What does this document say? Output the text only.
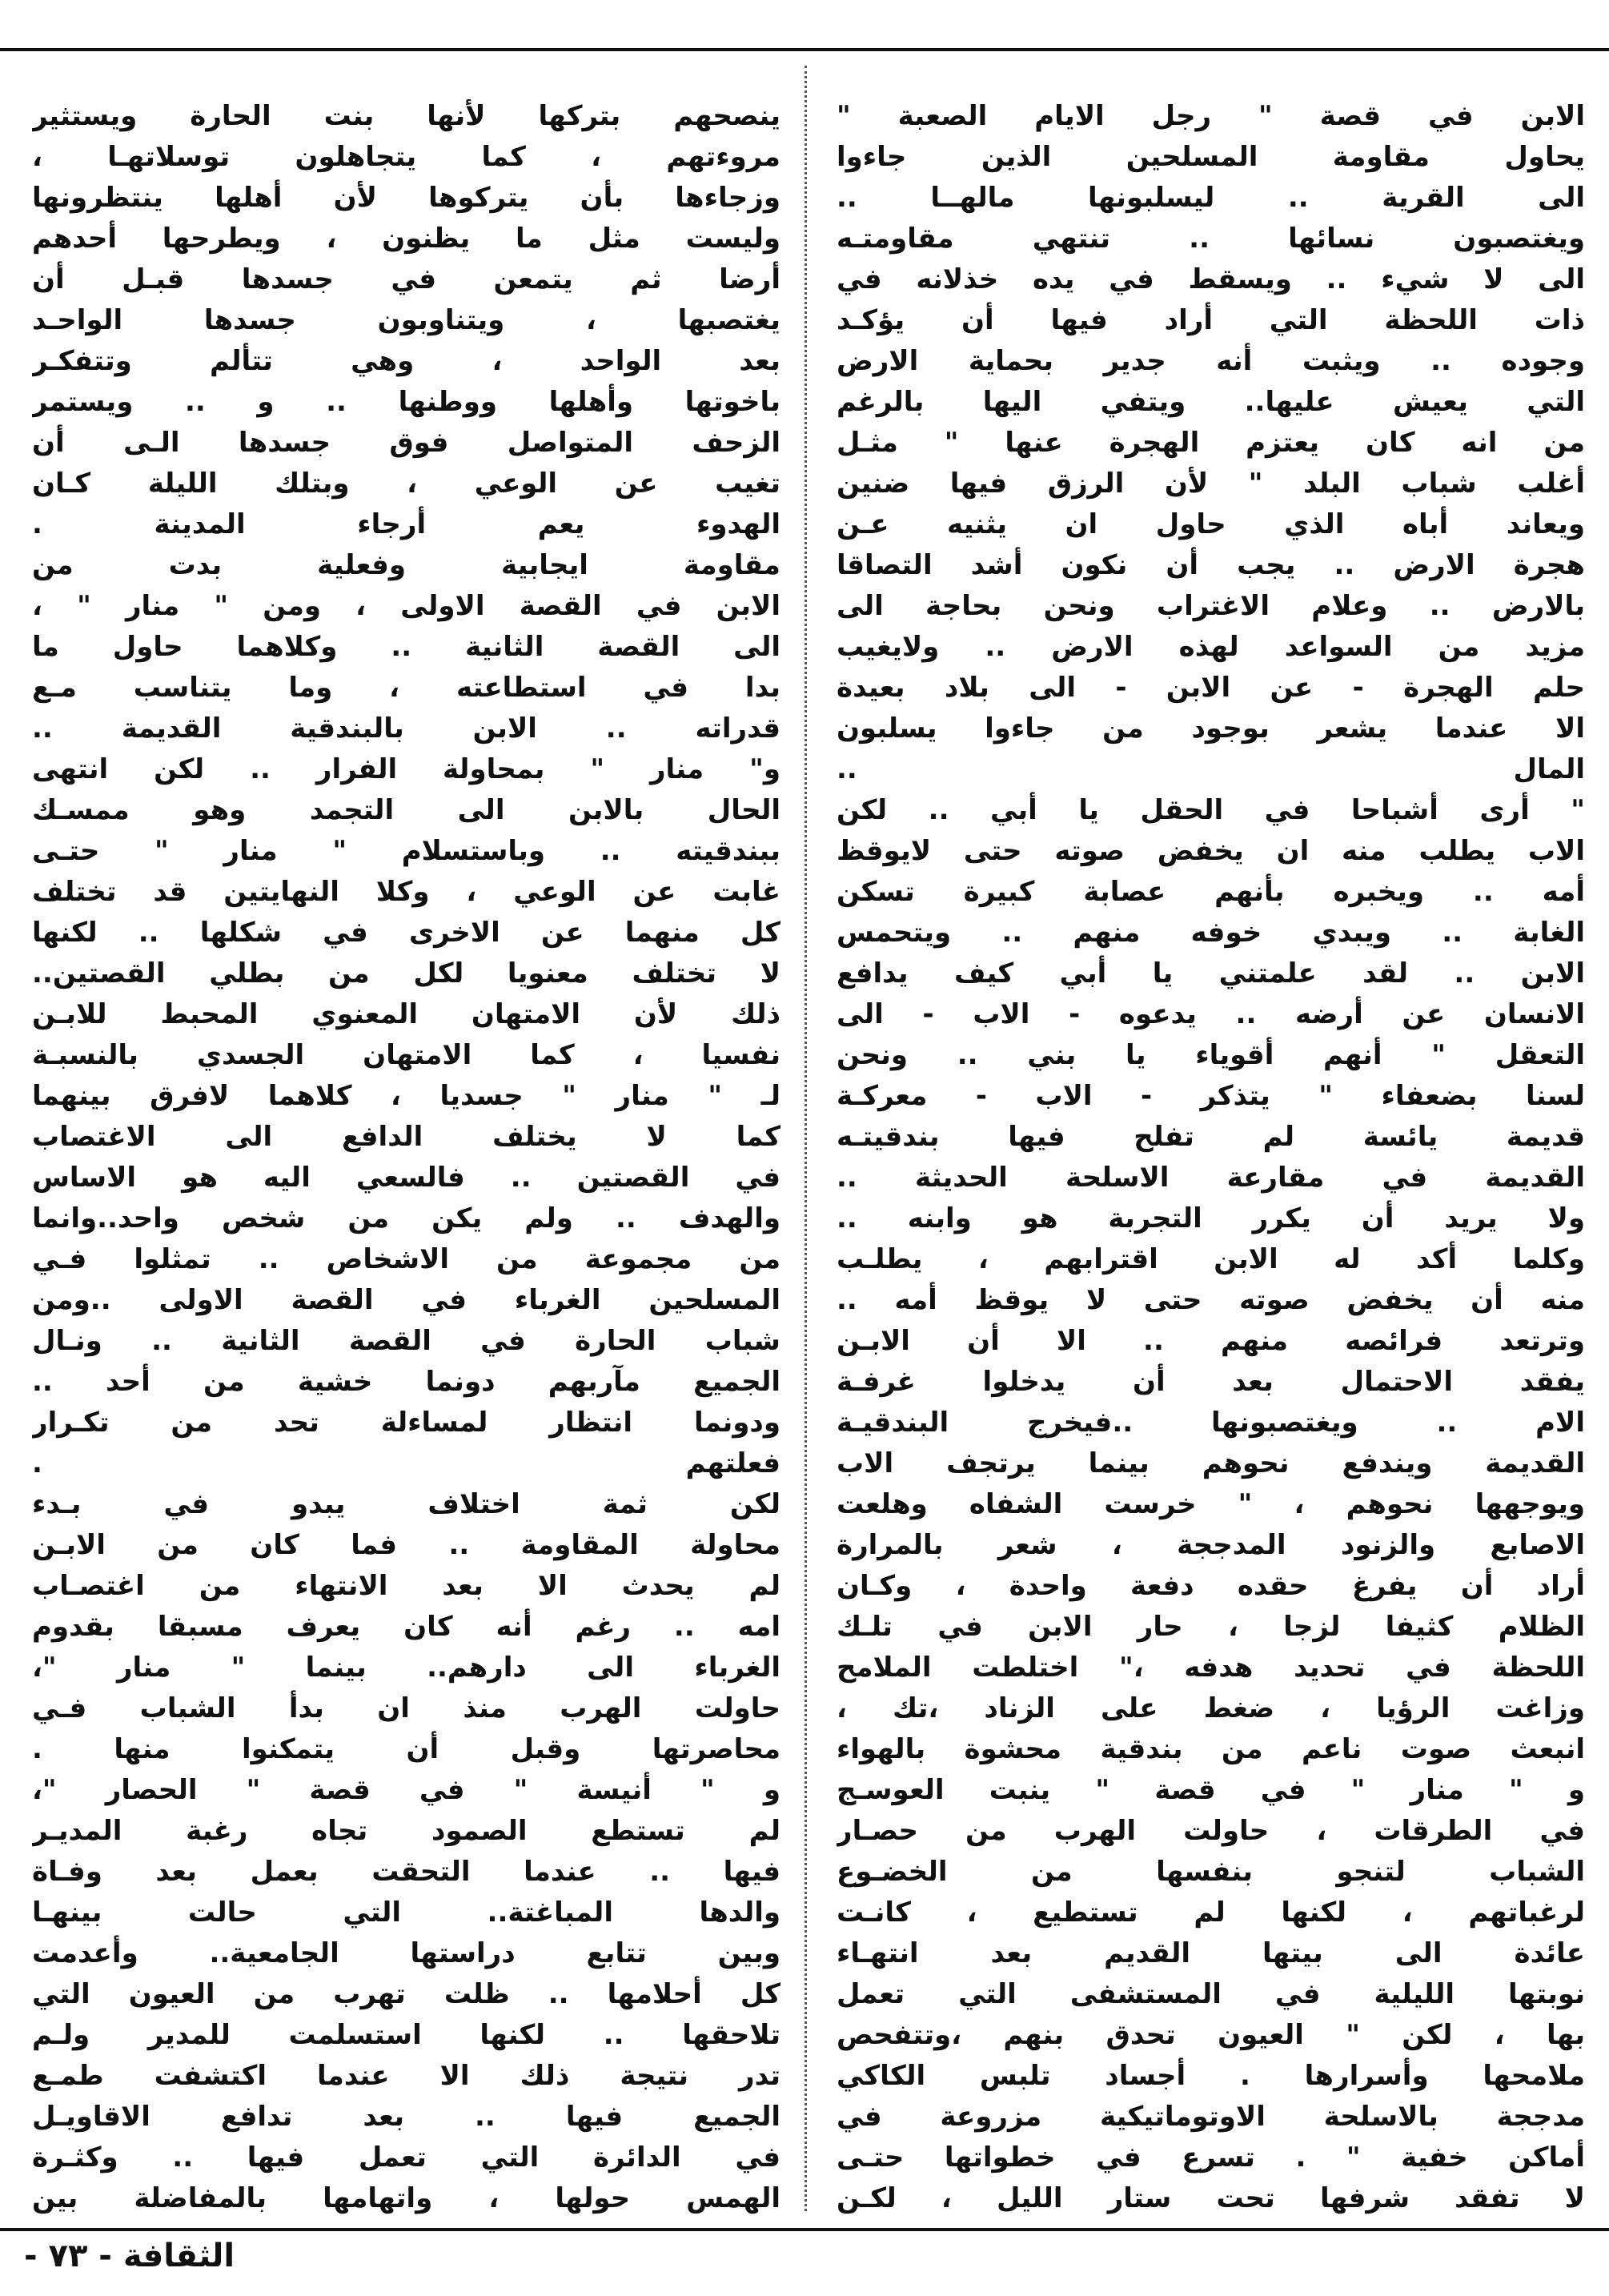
الابن في قصة " رجل الايام الصعبة "
يحاول مقاومة المسلحين الذين جاءوا
الى القرية .. ليسلبونها مالهــا ..
ويغتصبون نسائها .. تنتهي مقاومتـه
الى لا شيء .. ويسقط في يده خذلانه في
ذات اللحظة التي أراد فيها أن يؤكـد
وجوده .. ويثبت أنه جدير بحماية الارض
التي يعيش عليها.. ويتفي اليها بالرغم
من انه كان يعتزم الهجرة عنها " مثـل
أغلب شباب البلد " لأن الرزق فيها ضنين
ويعاند أباه الذي حاول ان يثنيه عـن
هجرة الارض .. يجب أن نكون أشد التصاقا
بالارض .. وعلام الاغتراب ونحن بحاجة الى
مزيد من السواعد لهذه الارض .. ولايغيب
حلم الهجرة - عن الابن - الى بلاد بعيدة
الا عندما يشعر بوجود من جاءوا يسلبون
المال ..
" أرى أشباحا في الحقل يا أبي .. لكن
الاب يطلب منه ان يخفض صوته حتى لايوقظ
أمه .. ويخبره بأنهم عصابة كبيرة تسكن
الغابة .. ويبدي خوفه منهم .. ويتحمس
الابن .. لقد علمتني يا أبي كيف يدافع
الانسان عن أرضه .. يدعوه - الاب - الى
التعقل " أنهم أقوياء يا بني .. ونحن
لسنا بضعفاء " يتذكر - الاب - معركـة
قديمة يائسة لم تفلح فيها بندقيتـه
القديمة في مقارعة الاسلحة الحديثة ..
ولا يريد أن يكرر التجربة هو وابنه ..
وكلما أكد له الابن اقترابهم ، يطلـب
منه أن يخفض صوته حتى لا يوقظ أمه ..
وترتعد فرائصه منهم .. الا أن الابـن
يفقد الاحتمال بعد أن يدخلوا غرفـة
الام .. ويغتصبونها ..فيخرج البندقيـة
القديمة ويندفع نحوهم بينما يرتجف الاب
ويوجهها نحوهم ، " خرست الشفاه وهلعت
الاصابع والزنود المدججة ، شعر بالمرارة
أراد أن يفرغ حقده دفعة واحدة ، وكـان
الظلام كثيفا لزجا ، حار الابن في تلـك
اللحظة في تحديد هدفه ،" اختلطت الملامح
وزاغت الرؤيا ، ضغط على الزناد ،تك ،
انبعث صوت ناعم من بندقية محشوة بالهواء
و " منار " في قصة " ينبت العوسـج
في الطرقات ، حاولت الهرب من حصـار
الشباب لتنجو بنفسها من الخضـوع
لرغباتهم ، لكنها لم تستطيع ، كانـت
عائدة الى بيتها القديم بعد انتهـاء
نوبتها الليلية في المستشفى التي تعمل
بها ، لكن " العيون تحدق بنهم ،وتتفحص
ملامحها وأسرارها . أجساد تلبس الكاكي
مدججة بالاسلحة الاوتوماتيكية مزروعة في
أماكن خفية " . تسرع في خطواتها حتـى
لا تفقد شرفها تحت ستار الليل ، لكـن
ينصحهم بتركها لأنها بنت الحارة ويستثير
مروءتهم ، كما يتجاهلون توسلاتهـا ،
وزجاءها بأن يتركوها لأن أهلها ينتظرونها
وليست مثل ما يظنون ، ويطرحها أحدهم
أرضا ثم يتمعن في جسدها قبـل أن
يغتصبها ، ويتناوبون جسدها الواحـد
بعد الواحد ، وهي تتألم وتتفكـر
باخوتها وأهلها ووطنها .. و .. ويستمر
الزحف المتواصل فوق جسدها الـى أن
تغيب عن الوعي ، وبتلك الليلة كـان
الهدوء يعم أرجاء المدينة .
مقاومة ايجابية وفعلية بدت من
الابن في القصة الاولى ، ومن " منار " ،
الى القصة الثانية .. وكلاهما حاول ما
بدا في استطاعته ، وما يتناسب مـع
قدراته .. الابن بالبندقية القديمة ..
و" منار " بمحاولة الفرار .. لكن انتهى
الحال بالابن الى التجمد وهو ممسـك
ببندقيته .. وباستسلام " منار " حتـى
غابت عن الوعي ، وكلا النهايتين قد تختلف
كل منهما عن الاخرى في شكلها .. لكنها
لا تختلف معنويا لكل من بطلي القصتين..
ذلك لأن الامتهان المعنوي المحبط للابـن
نفسيا ، كما الامتهان الجسدي بالنسبـة
لـ " منار " جسديا ، كلاهما لافرق بينهما
كما لا يختلف الدافع الى الاغتصاب
في القصتين .. فالسعي اليه هو الاساس
والهدف .. ولم يكن من شخص واحد..وانما
من مجموعة من الاشخاص .. تمثلوا فـي
المسلحين الغرباء في القصة الاولى ..ومن
شباب الحارة في القصة الثانية .. ونـال
الجميع مآربهم دونما خشية من أحد ..
ودونما انتظار لمساءلة تحد من تكـرار
فعلتهم .
لكن ثمة اختلاف يبدو في بـدء
محاولة المقاومة .. فما كان من الابـن
لم يحدث الا بعد الانتهاء من اغتصـاب
امه .. رغم أنه كان يعرف مسبقا بقدوم
الغرباء الى دارهم.. بينما " منار "،
حاولت الهرب منذ ان بدأ الشباب فـي
محاصرتها وقبل أن يتمكنوا منها .
و " أنيسة " في قصة " الحصار "،
لم تستطع الصمود تجاه رغبة المديـر
فيها .. عندما التحقت بعمل بعد وفـاة
والدها المباغتة.. التي حالت بينهـا
وبين تتابع دراستها الجامعية.. وأعدمت
كل أحلامها .. ظلت تهرب من العيون التي
تلاحقها .. لكنها استسلمت للمدير ولـم
تدر نتيجة ذلك الا عندما اكتشفت طمـع
الجميع فيها .. بعد تدافع الاقاويـل
في الدائرة التي تعمل فيها .. وكثـرة
الهمس حولها ، واتهامها بالمفاضلة بين
الثقافة - ٧٣ -
